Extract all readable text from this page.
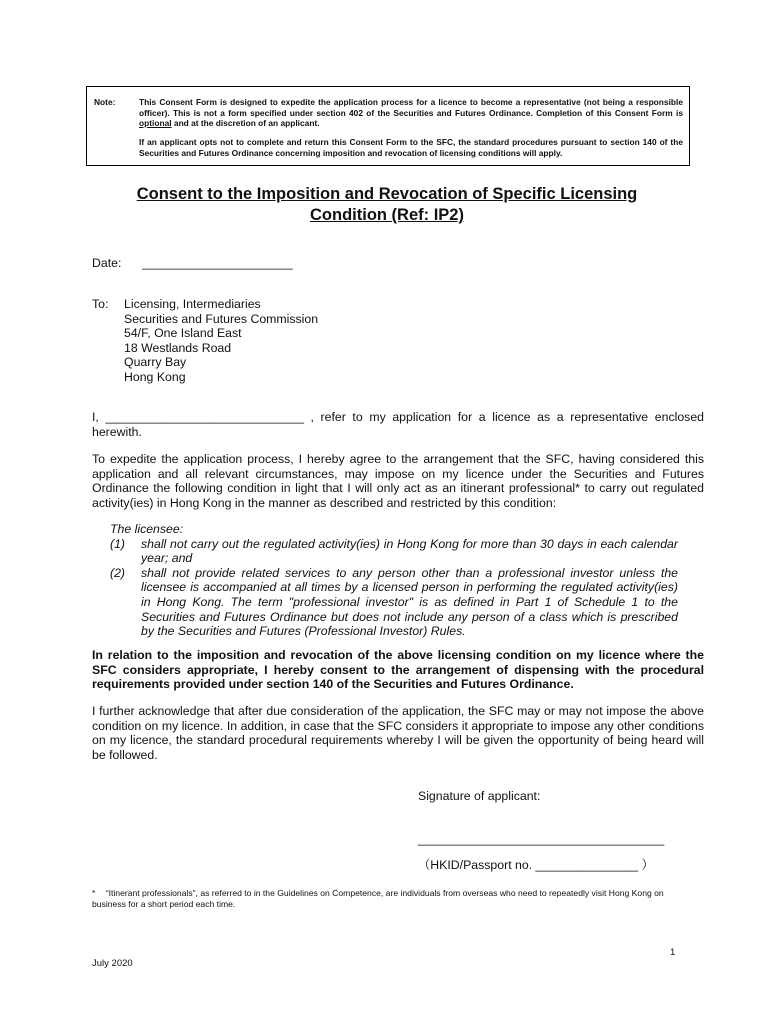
Note:	This Consent Form is designed to expedite the application process for a licence to become a representative (not being a responsible officer). This is not a form specified under section 402 of the Securities and Futures Ordinance. Completion of this Consent Form is optional and at the discretion of an applicant.
If an applicant opts not to complete and return this Consent Form to the SFC, the standard procedures pursuant to section 140 of the Securities and Futures Ordinance concerning imposition and revocation of licensing conditions will apply.
Consent to the Imposition and Revocation of Specific Licensing
Condition (Ref: IP2)
Date: ______________________
To: Licensing, Intermediaries
Securities and Futures Commission
54/F, One Island East
18 Westlands Road
Quarry Bay
Hong Kong
I, _____________________________ , refer to my application for a licence as a representative enclosed herewith.
To expedite the application process, I hereby agree to the arrangement that the SFC, having considered this application and all relevant circumstances, may impose on my licence under the Securities and Futures Ordinance the following condition in light that I will only act as an itinerant professional* to carry out regulated activity(ies) in Hong Kong in the manner as described and restricted by this condition:
The licensee:
(1) shall not carry out the regulated activity(ies) in Hong Kong for more than 30 days in each calendar year; and
(2) shall not provide related services to any person other than a professional investor unless the licensee is accompanied at all times by a licensed person in performing the regulated activity(ies) in Hong Kong. The term "professional investor" is as defined in Part 1 of Schedule 1 to the Securities and Futures Ordinance but does not include any person of a class which is prescribed by the Securities and Futures (Professional Investor) Rules.
In relation to the imposition and revocation of the above licensing condition on my licence where the SFC considers appropriate, I hereby consent to the arrangement of dispensing with the procedural requirements provided under section 140 of the Securities and Futures Ordinance.
I further acknowledge that after due consideration of the application, the SFC may or may not impose the above condition on my licence. In addition, in case that the SFC considers it appropriate to impose any other conditions on my licence, the standard procedural requirements whereby I will be given the opportunity of being heard will be followed.
Signature of applicant:
____________________________________
（HKID/Passport no. _______________ ）
* “Itinerant professionals”, as referred to in the Guidelines on Competence, are individuals from overseas who need to repeatedly visit Hong Kong on business for a short period each time.
1
July 2020
